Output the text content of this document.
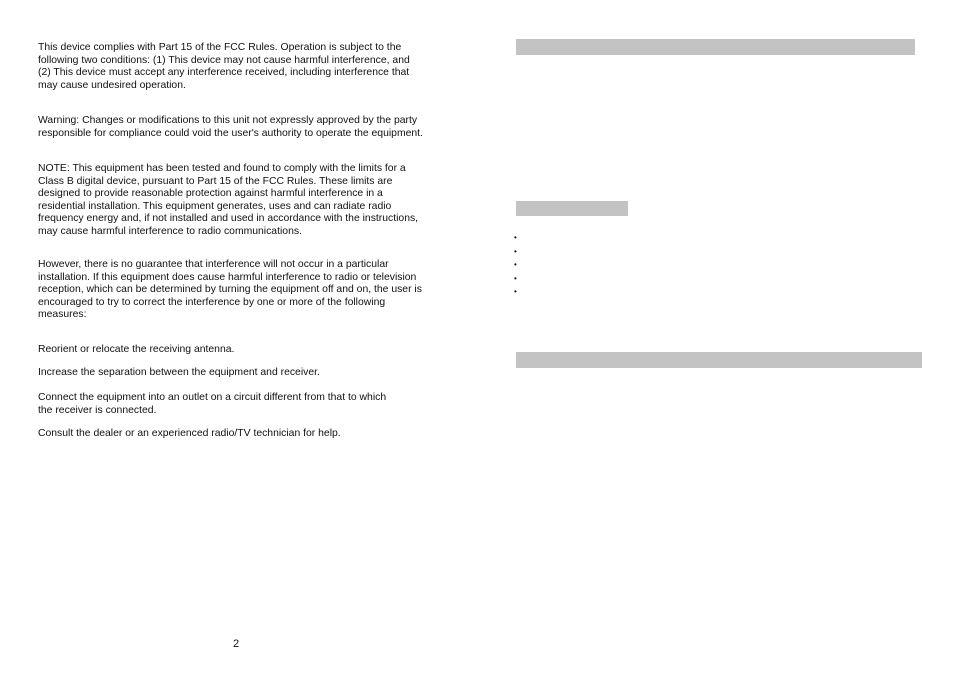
This device complies with Part 15 of the FCC Rules. Operation is subject to the
following two conditions: (1) This device may not cause harmful interference, and
(2) This device must accept any interference received, including interference that
may cause undesired operation.

Warning: Changes or modifications to this unit not expressly approved by the party
responsible for compliance could void the user's authority to operate the equipment.

NOTE: This equipment has been tested and found to comply with the limits for a
Class B digital device, pursuant to Part 15 of the FCC Rules. These limits are
designed to provide reasonable protection against harmful interference in a
residential installation. This equipment generates, uses and can radiate radio
frequency energy and, if not installed and used in accordance with the instructions,
may cause harmful interference to radio communications.

However, there is no guarantee that interference will not occur in a particular
installation. If this equipment does cause harmful interference to radio or television
reception, which can be determined by turning the equipment off and on, the user is
encouraged to try to correct the interference by one or more of the following
measures:

Reorient or relocate the receiving antenna.

Increase the separation between the equipment and receiver.

Connect the equipment into an outlet on a circuit different from that to which
the receiver is connected.

Consult the dealer or an experienced radio/TV technician for help.

2
•
•
•
•
•
